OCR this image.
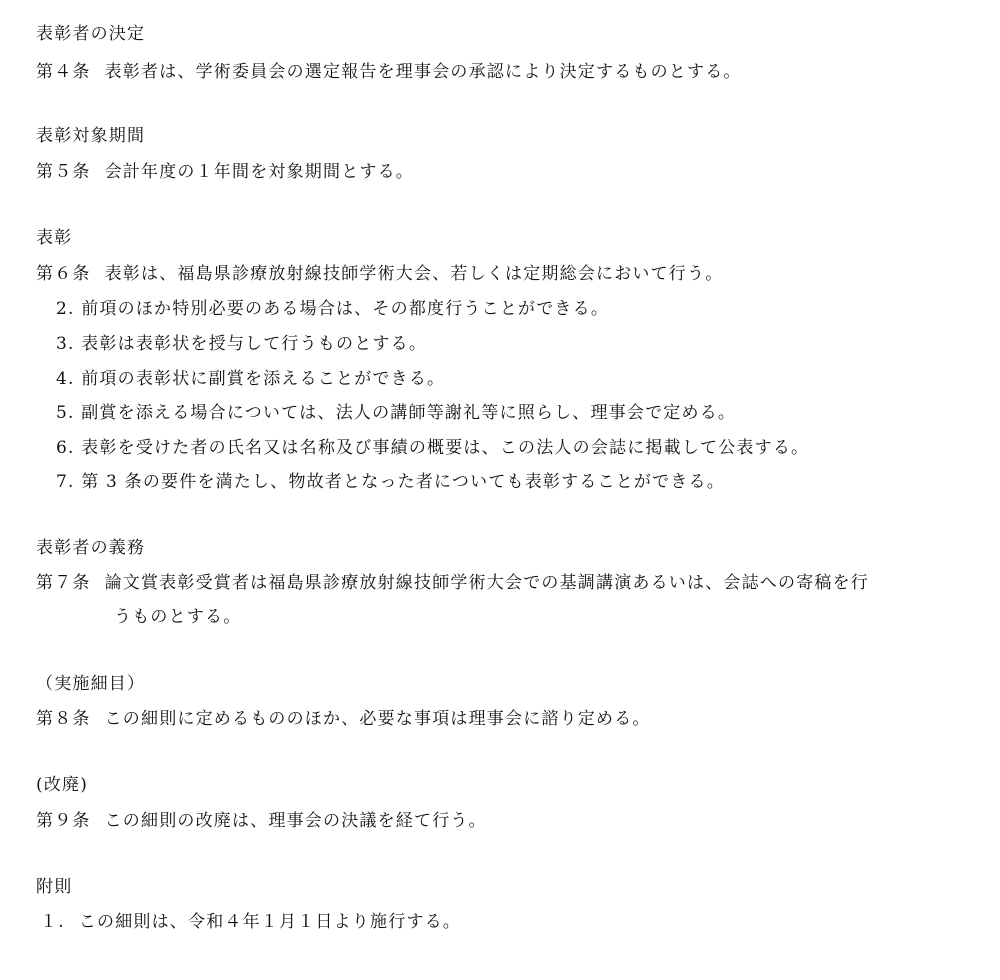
表彰者の決定
第４条 表彰者は、学術委員会の選定報告を理事会の承認により決定するものとする。
表彰対象期間
第５条 会計年度の１年間を対象期間とする。
表彰
第６条 表彰は、福島県診療放射線技師学術大会、若しくは定期総会において行う。
2. 前項のほか特別必要のある場合は、その都度行うことができる。
3. 表彰は表彰状を授与して行うものとする。
4. 前項の表彰状に副賞を添えることができる。
5. 副賞を添える場合については、法人の講師等謝礼等に照らし、理事会で定める。
6. 表彰を受けた者の氏名又は名称及び事績の概要は、この法人の会誌に掲載して公表する。
7. 第 3 条の要件を満たし、物故者となった者についても表彰することができる。
表彰者の義務
第７条 論文賞表彰受賞者は福島県診療放射線技師学術大会での基調講演あるいは、会誌への寄稿を行
うものとする。
（実施細目）
第８条 この細則に定めるもののほか、必要な事項は理事会に諮り定める。
(改廃)
第９条 この細則の改廃は、理事会の決議を経て行う。
附則
１. この細則は、令和４年１月１日より施行する。
